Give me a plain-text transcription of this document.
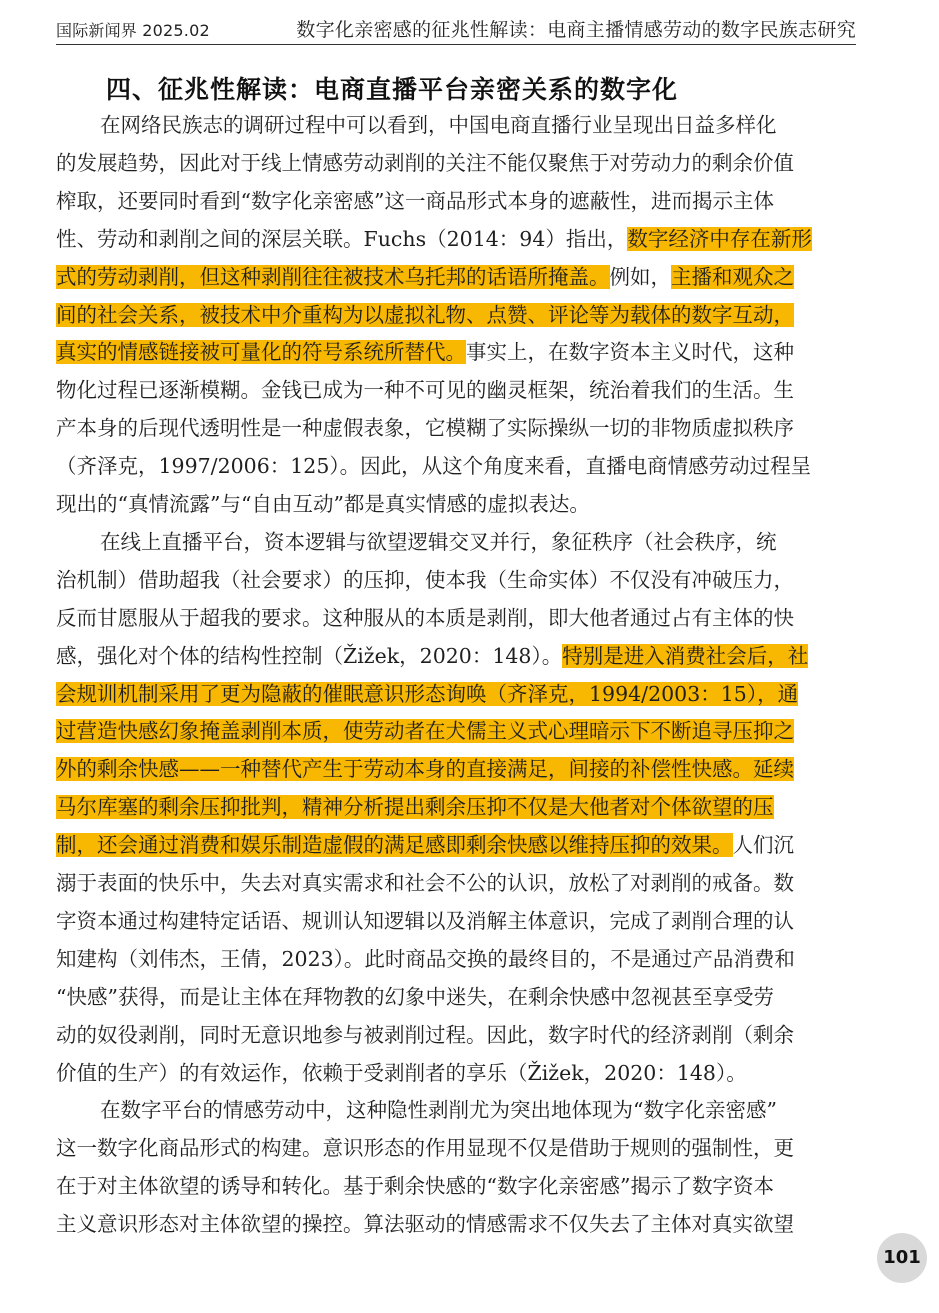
国际新闻界 2025.02	数字化亲密感的征兆性解读：电商主播情感劳动的数字民族志研究
四、征兆性解读：电商直播平台亲密关系的数字化
在网络民族志的调研过程中可以看到，中国电商直播行业呈现出日益多样化
的发展趋势，因此对于线上情感劳动剥削的关注不能仅聚焦于对劳动力的剩余价值
榨取，还要同时看到“数字化亲密感”这一商品形式本身的遮蔽性，进而揭示主体
性、劳动和剥削之间的深层关联。Fuchs（2014：94）指出，数字经济中存在新形
式的劳动剥削，但这种剥削往往被技术乌托邦的话语所掩盖。例如，主播和观众之
间的社会关系，被技术中介重构为以虚拟礼物、点赞、评论等为载体的数字互动，
真实的情感链接被可量化的符号系统所替代。事实上，在数字资本主义时代，这种
物化过程已逐渐模糊。金钱已成为一种不可见的幽灵框架，统治着我们的生活。生
产本身的后现代透明性是一种虚假表象，它模糊了实际操纵一切的非物质虚拟秩序
（齐泽克，1997/2006：125）。因此，从这个角度来看，直播电商情感劳动过程呈
现出的“真情流露”与“自由互动”都是真实情感的虚拟表达。
在线上直播平台，资本逻辑与欲望逻辑交叉并行，象征秩序（社会秩序，统
治机制）借助超我（社会要求）的压抑，使本我（生命实体）不仅没有冲破压力，
反而甘愿服从于超我的要求。这种服从的本质是剥削，即大他者通过占有主体的快
感，强化对个体的结构性控制（Žižek，2020：148）。特别是进入消费社会后，社
会规训机制采用了更为隐蔽的催眠意识形态询唤（齐泽克，1994/2003：15），通
过营造快感幻象掩盖剥削本质，使劳动者在犬儒主义式心理暗示下不断追寻压抑之
外的剩余快感——一种替代产生于劳动本身的直接满足，间接的补偿性快感。延续
马尔库塞的剩余压抑批判，精神分析提出剩余压抑不仅是大他者对个体欲望的压
制，还会通过消费和娱乐制造虚假的满足感即剩余快感以维持压抑的效果。人们沉
溺于表面的快乐中，失去对真实需求和社会不公的认识，放松了对剥削的戒备。数
字资本通过构建特定话语、规训认知逻辑以及消解主体意识，完成了剥削合理的认
知建构（刘伟杰，王倩，2023）。此时商品交换的最终目的，不是通过产品消费和
“快感”获得，而是让主体在拜物教的幻象中迷失，在剩余快感中忽视甚至享受劳
动的奴役剥削，同时无意识地参与被剥削过程。因此，数字时代的经济剥削（剩余
价值的生产）的有效运作，依赖于受剥削者的享乐（Žižek，2020：148）。
在数字平台的情感劳动中，这种隐性剥削尤为突出地体现为“数字化亲密感”
这一数字化商品形式的构建。意识形态的作用显现不仅是借助于规则的强制性，更
在于对主体欲望的诱导和转化。基于剩余快感的“数字化亲密感”揭示了数字资本
主义意识形态对主体欲望的操控。算法驱动的情感需求不仅失去了主体对真实欲望
101
